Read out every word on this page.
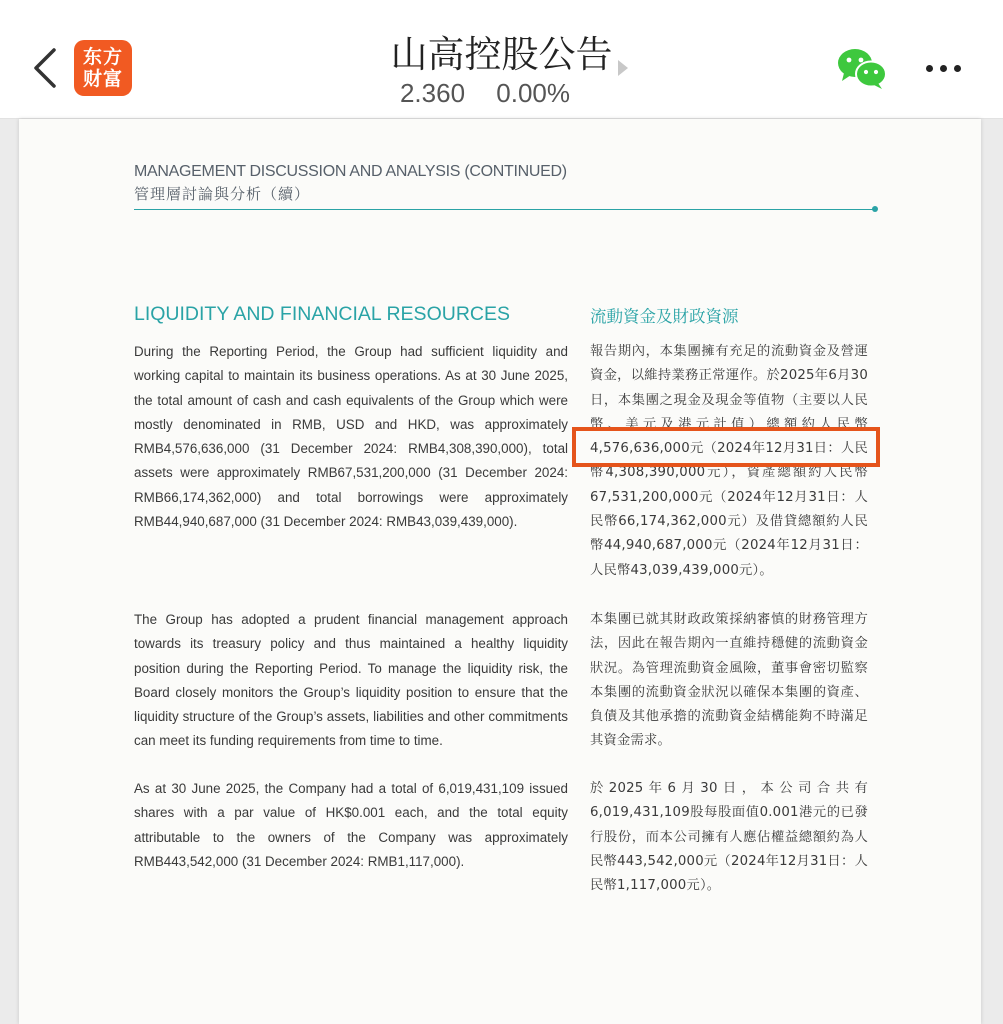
东方
财富
山高控股公告
2.360 0.00%
MANAGEMENT DISCUSSION AND ANALYSIS (CONTINUED)
管理層討論與分析（續）
LIQUIDITY AND FINANCIAL RESOURCES	流動資金及財政資源
During the Reporting Period, the Group had sufficient liquidity and working capital to maintain its business operations. As at 30 June 2025, the total amount of cash and cash equivalents of the Group which were mostly denominated in RMB, USD and HKD, was approximately RMB4,576,636,000 (31 December 2024: RMB4,308,390,000), total assets were approximately RMB67,531,200,000 (31 December 2024: RMB66,174,362,000) and total borrowings were approximately RMB44,940,687,000 (31 December 2024: RMB43,039,439,000).
The Group has adopted a prudent financial management approach towards its treasury policy and thus maintained a healthy liquidity position during the Reporting Period. To manage the liquidity risk, the Board closely monitors the Group’s liquidity position to ensure that the liquidity structure of the Group’s assets, liabilities and other commitments can meet its funding requirements from time to time.
As at 30 June 2025, the Company had a total of 6,019,431,109 issued shares with a par value of HK$0.001 each, and the total equity attributable to the owners of the Company was approximately RMB443,542,000 (31 December 2024: RMB1,117,000).
報告期內，本集團擁有充足的流動資金及營運資金，以維持業務正常運作。於2025年6月30日，本集團之現金及現金等值物（主要以人民幣、美元及港元計值）總額約人民幣4,576,636,000元（2024年12月31日：人民幣4,308,390,000元），資產總額約人民幣67,531,200,000元（2024年12月31日：人民幣66,174,362,000元）及借貸總額約人民幣44,940,687,000元（2024年12月31日：人民幣43,039,439,000元）。
本集團已就其財政政策採納審慎的財務管理方法，因此在報告期內一直維持穩健的流動資金狀況。為管理流動資金風險，董事會密切監察本集團的流動資金狀況以確保本集團的資產、負債及其他承擔的流動資金結構能夠不時滿足其資金需求。
於2025年6月30日，本公司合共有6,019,431,109股每股面值0.001港元的已發行股份，而本公司擁有人應佔權益總額約為人民幣443,542,000元（2024年12月31日：人民幣1,117,000元）。
